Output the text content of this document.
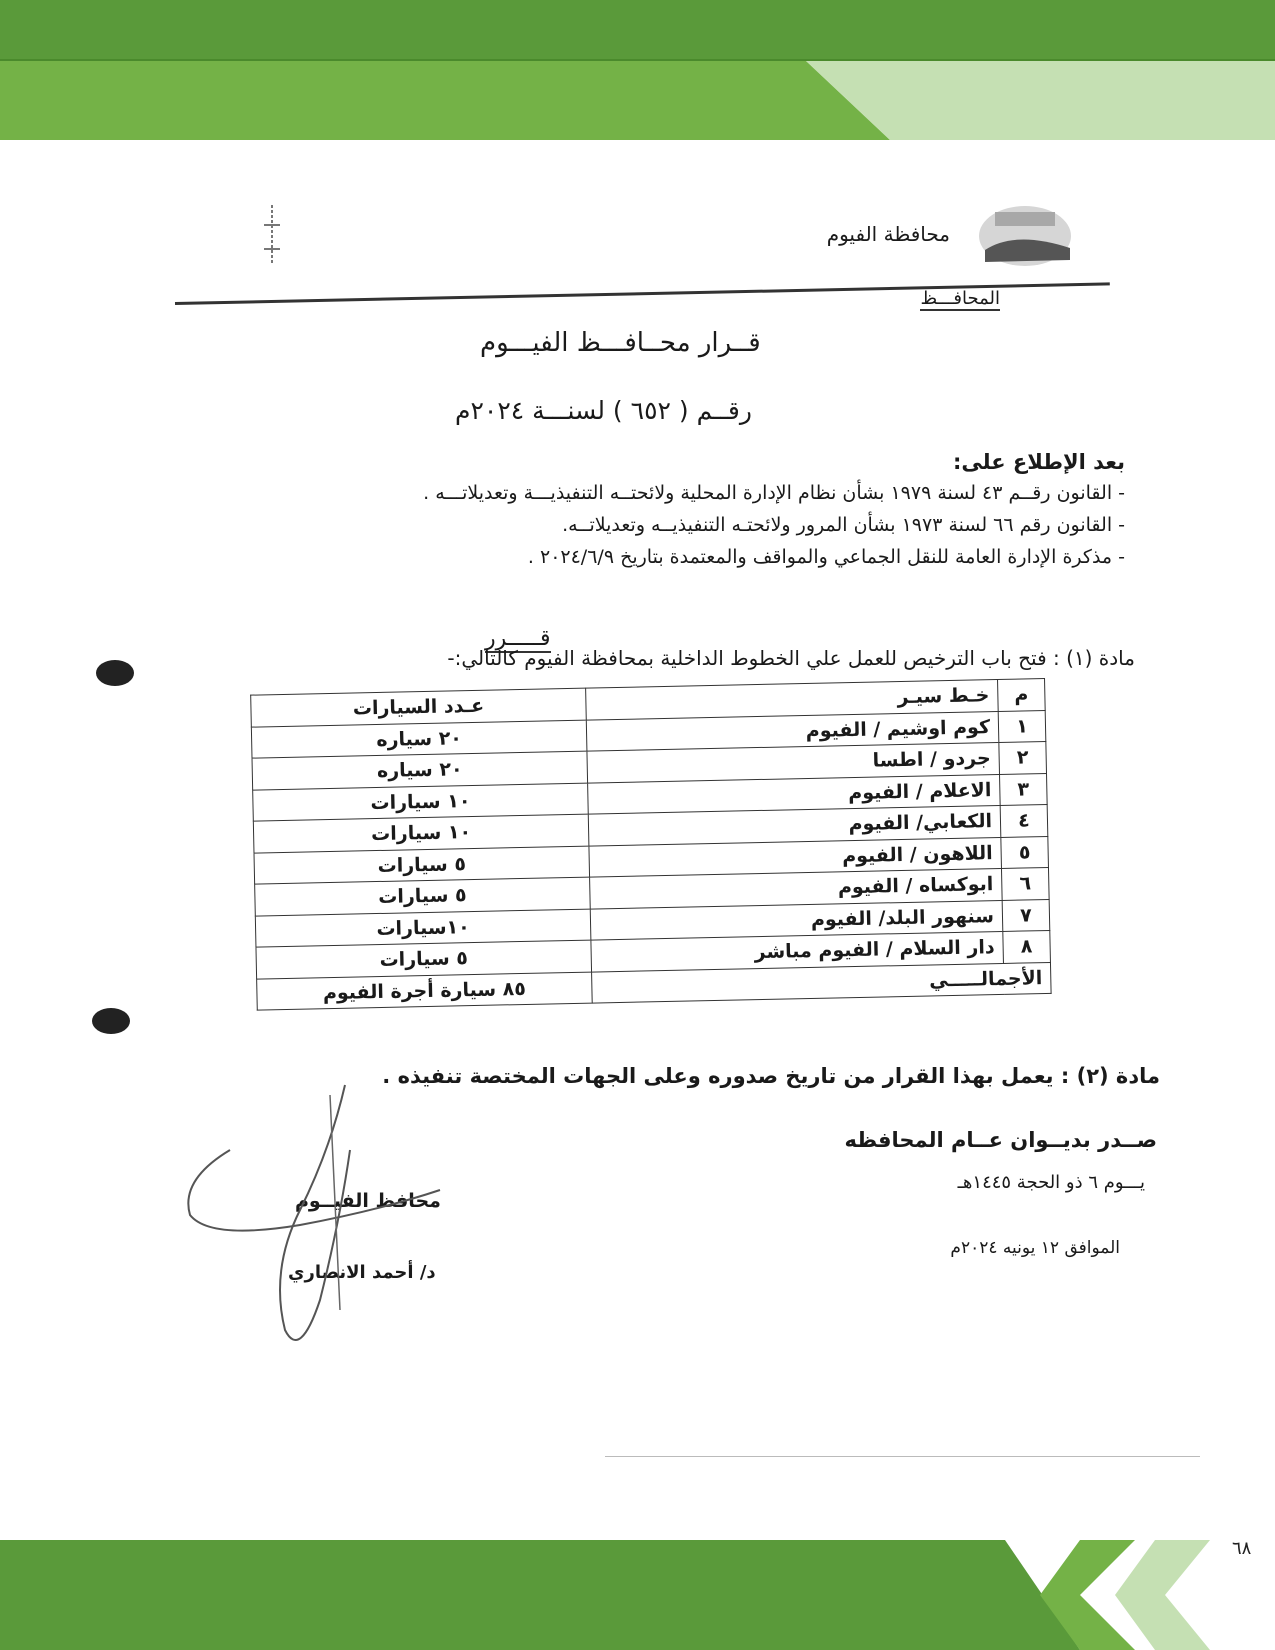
محافظة الفيوم
المحافـــظ
قــرار محــافـــظ الفيـــوم
رقــم ( ٦٥٢ ) لسنـــة ٢٠٢٤م
بعد الإطلاع على:
- القانون رقــم ٤٣ لسنة ١٩٧٩ بشأن نظام الإدارة المحلية ولائحتــه التنفيذيـــة وتعديلاتـــه .
- القانون رقم ٦٦ لسنة ١٩٧٣ بشأن المرور ولائحتـه التنفيذيــه وتعديلاتــه.
- مذكرة الإدارة العامة للنقل الجماعي والمواقف والمعتمدة بتاريخ ٢٠٢٤/٦/٩ .
قـــــرر
مادة (١) : فتح باب الترخيص للعمل علي الخطوط الداخلية بمحافظة الفيوم كالتالي:-
م	خـط سيـر	عـدد السيارات
١	كوم اوشيم / الفيوم	٢٠ سياره
٢	جردو / اطسا	٢٠ سياره
٣	الاعلام / الفيوم	١٠ سيارات
٤	الكعابي/ الفيوم	١٠ سيارات
٥	اللاهون / الفيوم	٥ سيارات
٦	ابوكساه / الفيوم	٥ سيارات
٧	سنهور البلد/ الفيوم	١٠سيارات
٨	دار السلام / الفيوم مباشر	٥ سيارات
الأجمالـــــي		٨٥ سيارة أجرة الفيوم
مادة (٢) : يعمل بهذا القرار من تاريخ صدوره وعلى الجهات المختصة تنفيذه .
صــدر بديــوان عــام المحافظه
يـــوم ٦ ذو الحجة ١٤٤٥هـ
الموافق ١٢ يونيه ٢٠٢٤م
محافظ الفيــوم
د/ أحمد الانصاري
٦٨
